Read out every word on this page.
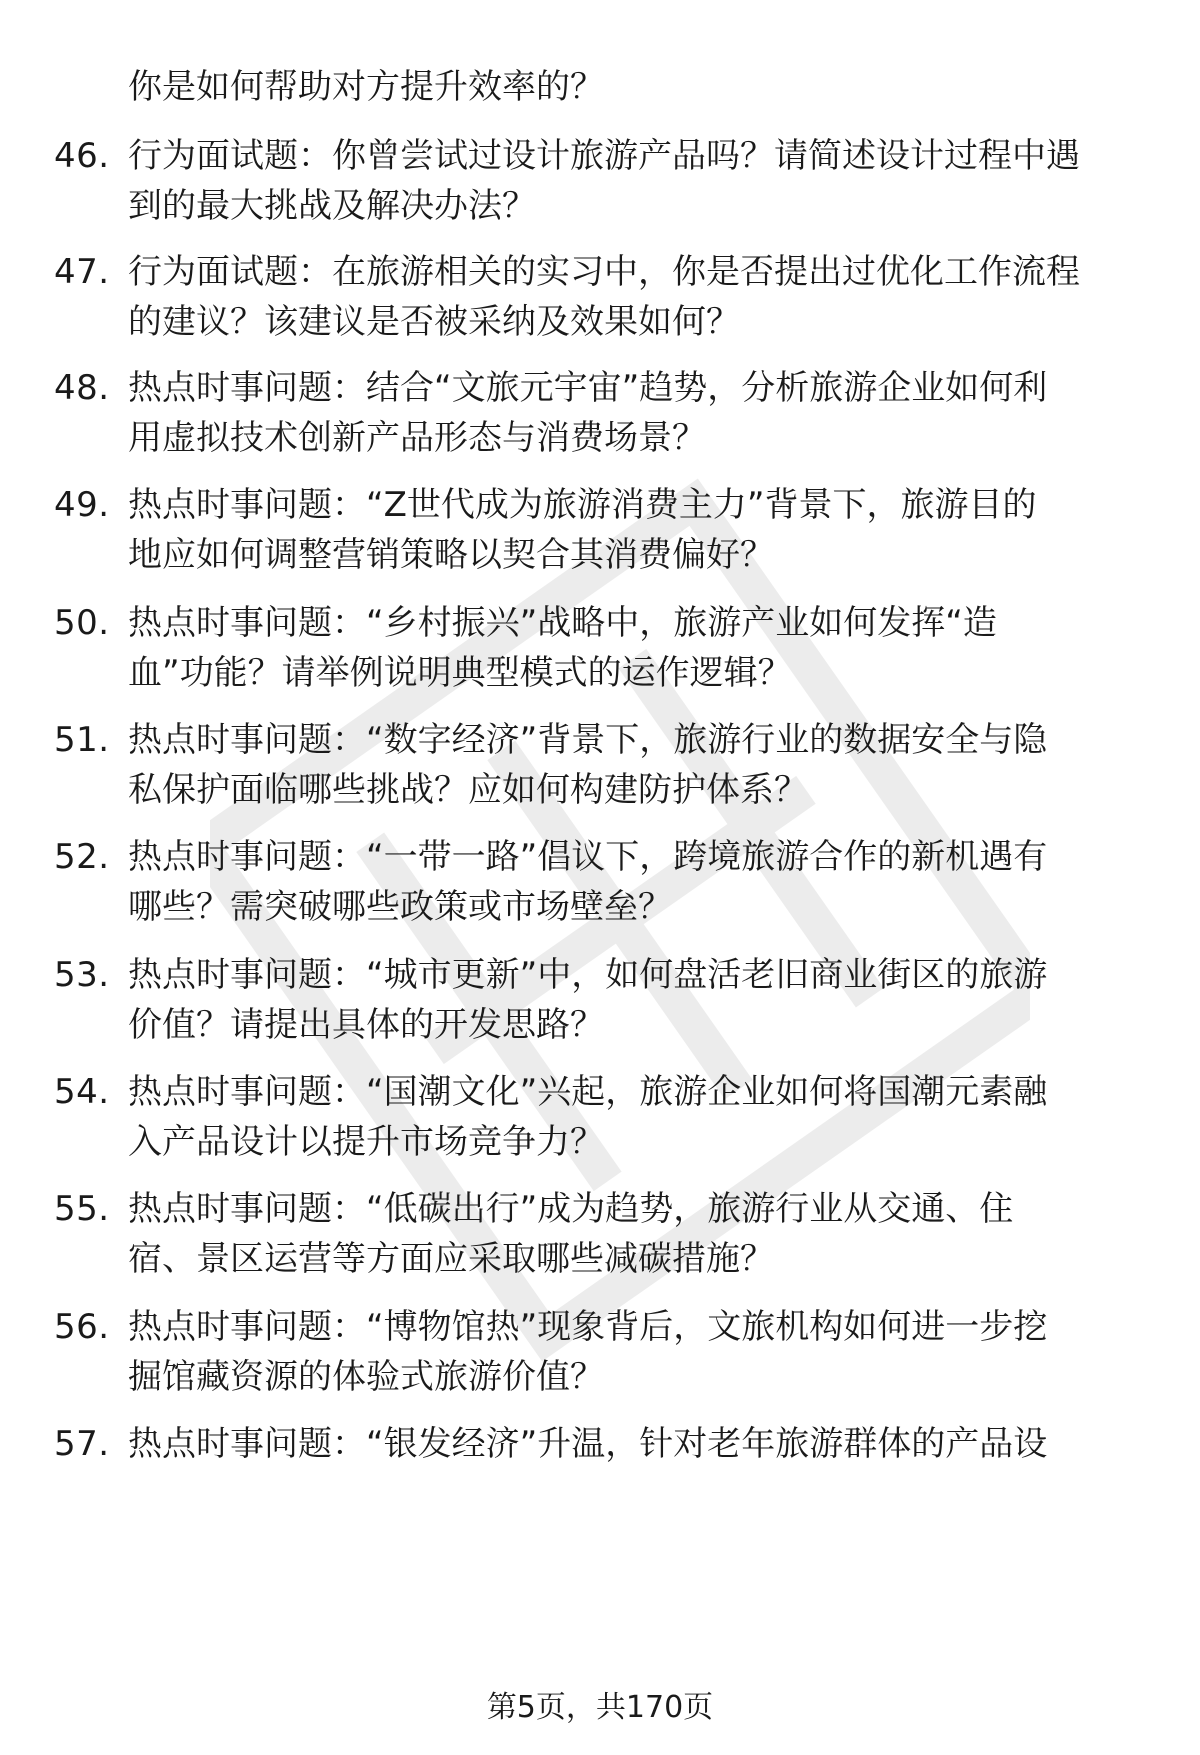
你是如何帮助对方提升效率的？
46. 行为面试题：你曾尝试过设计旅游产品吗？请简述设计过程中遇
到的最大挑战及解决办法？
47. 行为面试题：在旅游相关的实习中，你是否提出过优化工作流程
的建议？该建议是否被采纳及效果如何？
48. 热点时事问题：结合“文旅元宇宙”趋势，分析旅游企业如何利
用虚拟技术创新产品形态与消费场景？
49. 热点时事问题：“Z世代成为旅游消费主力”背景下，旅游目的
地应如何调整营销策略以契合其消费偏好？
50. 热点时事问题：“乡村振兴”战略中，旅游产业如何发挥“造
血”功能？请举例说明典型模式的运作逻辑？
51. 热点时事问题：“数字经济”背景下，旅游行业的数据安全与隐
私保护面临哪些挑战？应如何构建防护体系？
52. 热点时事问题：“一带一路”倡议下，跨境旅游合作的新机遇有
哪些？需突破哪些政策或市场壁垒？
53. 热点时事问题：“城市更新”中，如何盘活老旧商业街区的旅游
价值？请提出具体的开发思路？
54. 热点时事问题：“国潮文化”兴起，旅游企业如何将国潮元素融
入产品设计以提升市场竞争力？
55. 热点时事问题：“低碳出行”成为趋势，旅游行业从交通、住
宿、景区运营等方面应采取哪些减碳措施？
56. 热点时事问题：“博物馆热”现象背后，文旅机构如何进一步挖
掘馆藏资源的体验式旅游价值？
57. 热点时事问题：“银发经济”升温，针对老年旅游群体的产品设
第5页，共170页
